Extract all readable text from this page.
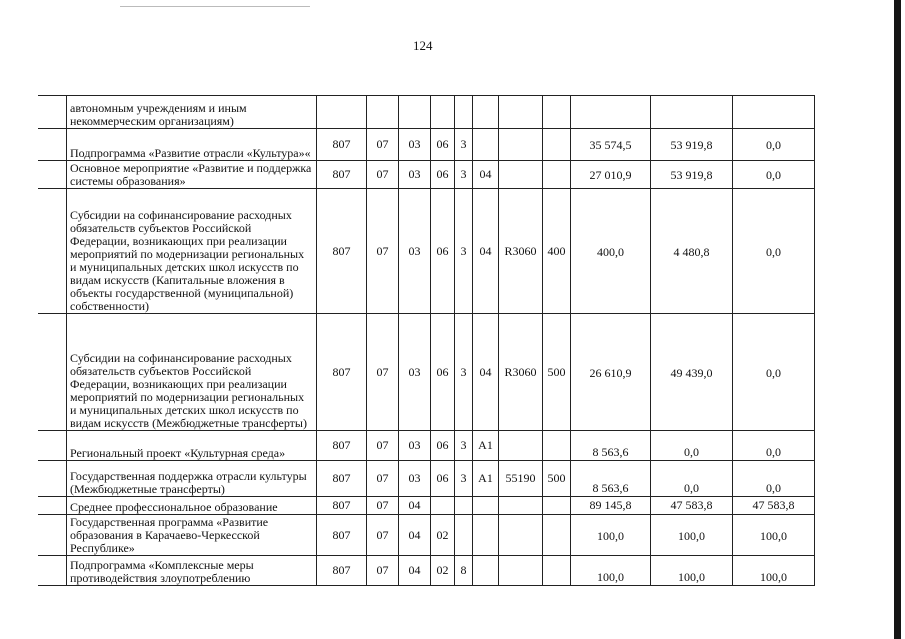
124
	автономным учреждениям и иным некоммерческим организациям)											
	Подпрограмма «Развитие отрасли «Культура»«	807	07	03	06	3				35 574,5	53 919,8	0,0
	Основное мероприятие «Развитие и поддержка системы образования»	807	07	03	06	3	04			27 010,9	53 919,8	0,0
	Субсидии на софинансирование расходных обязательств субъектов Российской Федерации, возникающих при реализации мероприятий по модернизации региональных и муниципальных детских школ искусств по видам искусств (Капитальные вложения в объекты государственной (муниципальной) собственности)	807	07	03	06	3	04	R3060	400	400,0	4 480,8	0,0
	Субсидии на софинансирование расходных обязательств субъектов Российской Федерации, возникающих при реализации мероприятий по модернизации региональных и муниципальных детских школ искусств по видам искусств (Межбюджетные трансферты)	807	07	03	06	3	04	R3060	500	26 610,9	49 439,0	0,0
	Региональный проект «Культурная среда»	807	07	03	06	3	А1			8 563,6	0,0	0,0
	Государственная поддержка отрасли культуры (Межбюджетные трансферты)	807	07	03	06	3	А1	55190	500	8 563,6	0,0	0,0
	Среднее профессиональное образование	807	07	04						89 145,8	47 583,8	47 583,8
	Государственная программа «Развитие образования в Карачаево-Черкесской Республике»	807	07	04	02					100,0	100,0	100,0
	Подпрограмма «Комплексные меры противодействия злоупотреблению	807	07	04	02	8				100,0	100,0	100,0
